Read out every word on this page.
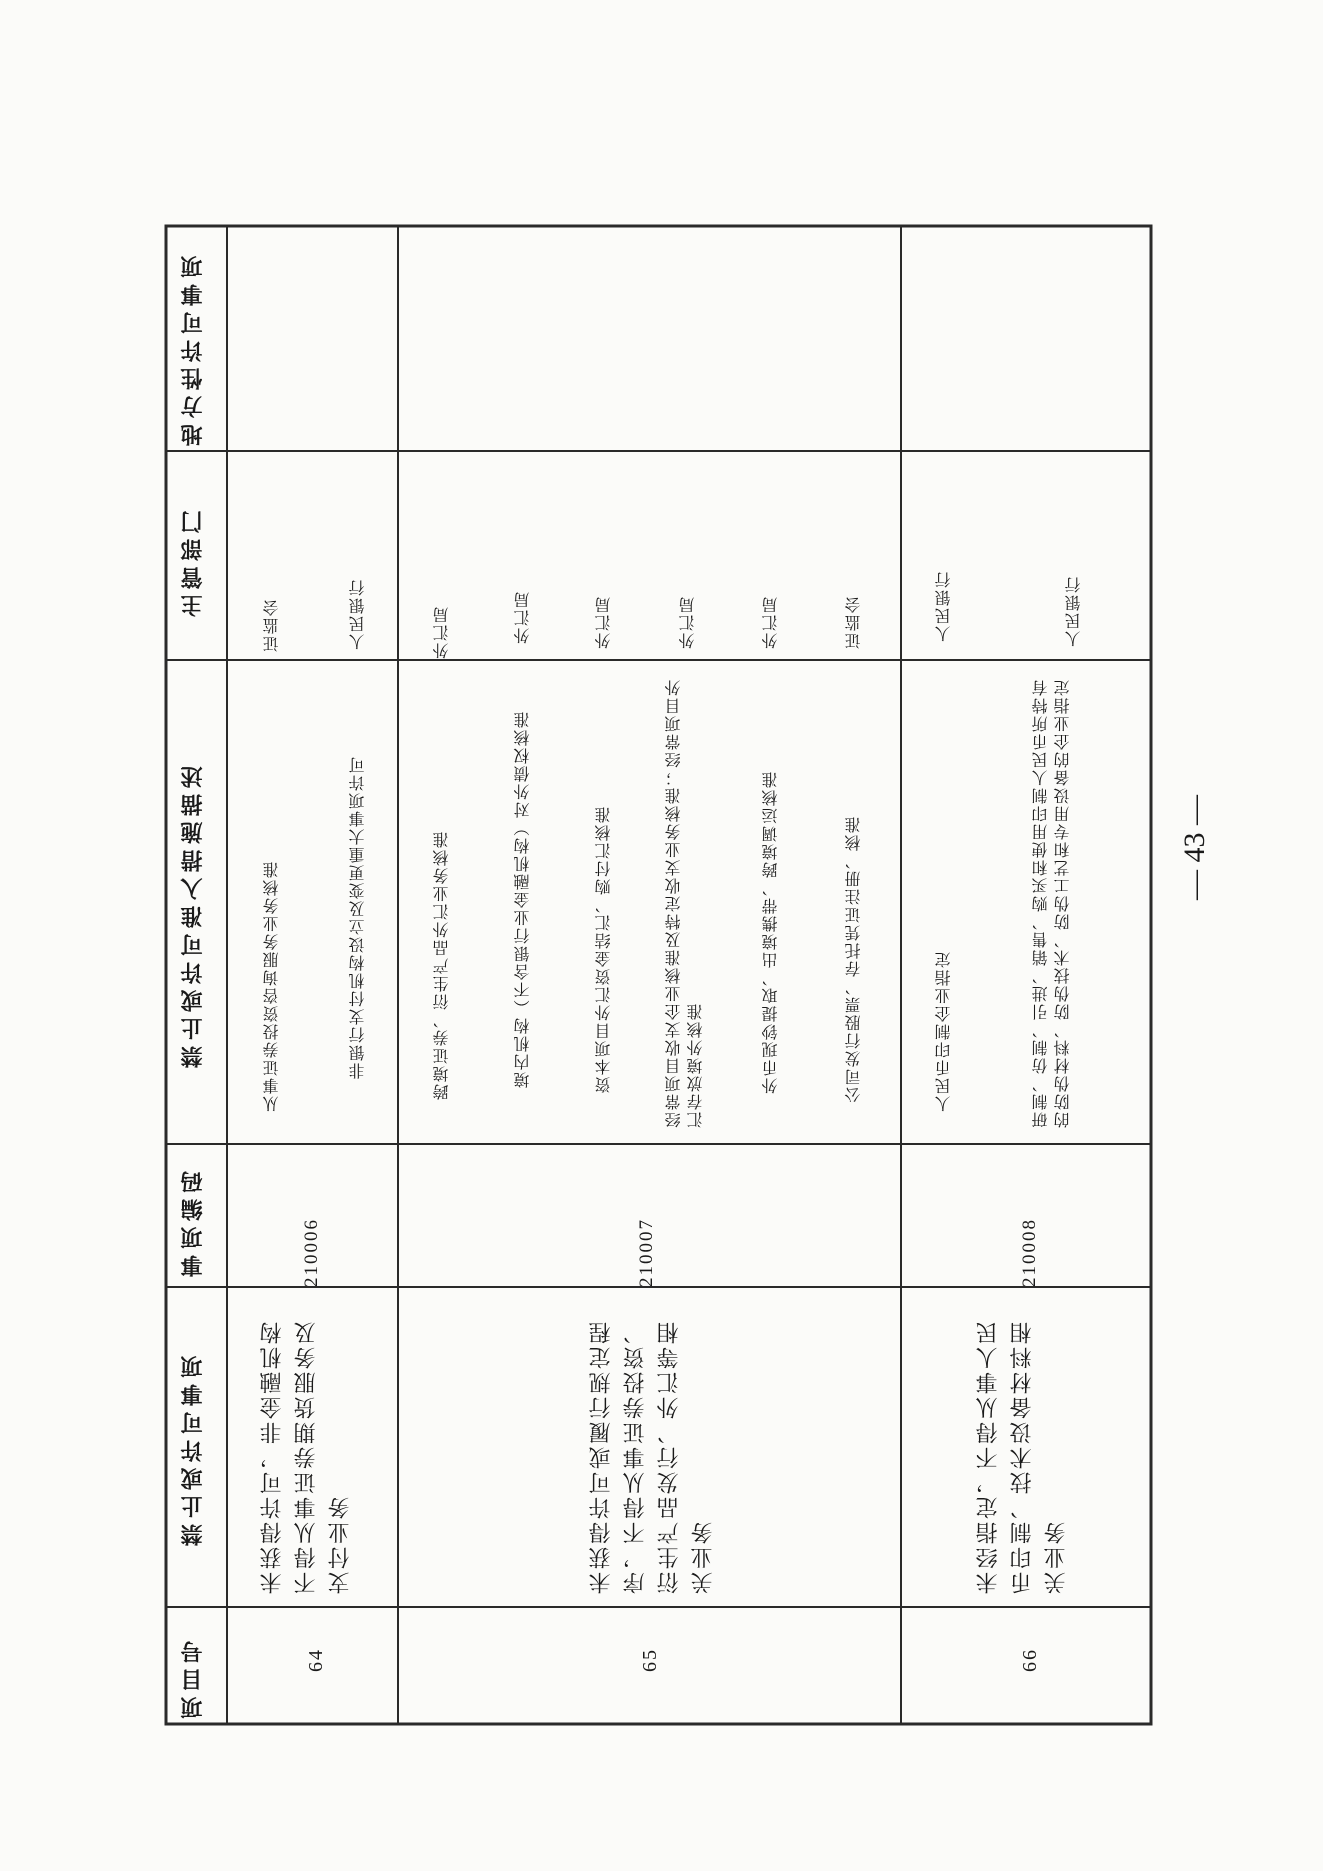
项目号
禁止或许可事项
事项编码
禁止或许可准入措施描述
主管部门
地方性许可事项
64
未获得许可，非金融机构不得从事证券期货服务及支付业务
210006
从事证券投资咨询服务业务核准
证监会
非银行支付机构设立及变更重大事项许可
人民银行
65
未获得许可或履行规定程序，不得从事证券投资、衍生产品发行、外汇等相关业务
210007
跨境证券、衍生产品外汇业务核准
外汇局
境内机构（不含银行业金融机构）对外债权核准
外汇局
资本项目外汇资金结汇、购付汇核准
外汇局
经常项目收支企业核准及特定收支业务核准；经常项目外汇存放境外核准
外汇局
外币现钞提取、出境携带、跨境调运核准
外汇局
公司发行股票、存托凭证注册、核准
证监会
66
未经指定，不得从事人民币印制、技术设备材料相关业务
210008
人民币印制企业指定
人民银行
研制、仿制、引进、销售、购买和使用印制人民币所特有的防伪材料、防伪技术、防伪工艺和专用设备的企业指定
人民银行
— 43 —
